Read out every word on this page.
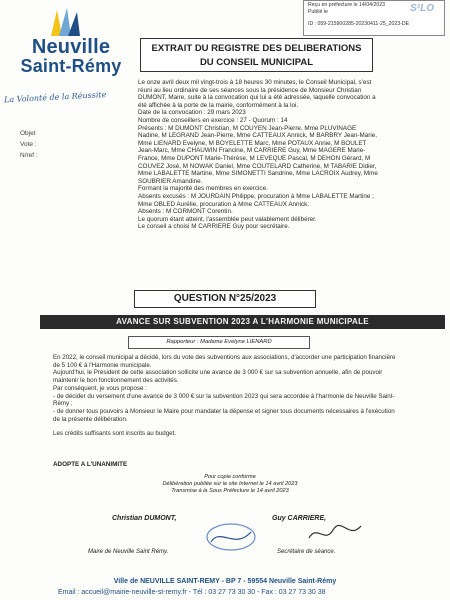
Reçu en préfecture le 14/04/2023
Publié le
ID : 059-215900285-20230411-25_2023-DE
S²LO
Neuville
Saint-Rémy
La Volonté de la Réussite
Objet
Vote :
N/ref :
EXTRAIT DU REGISTRE DES DELIBERATIONS
DU CONSEIL MUNICIPAL

Le onze avril deux mil vingt-trois à 18 heures 30 minutes, le Conseil Municipal, s'est réuni au lieu ordinaire de ses séances sous la présidence de Monsieur Christian DUMONT, Maire, suite à la convocation qui lui a été adressée, laquelle convocation a été affichée à la porte de la mairie, conformément à la loi.

Date de la convocation : 29 mars 2023

Nombre de conseillers en exercice : 27 - Quorum : 14

Présents : M DUMONT Christian, M COUYEN Jean-Pierre, Mme PLUVINAGE Nadine, M LEGRAND Jean-Pierre, Mme CATTEAUX Annick, M BARBRY Jean-Marie, Mme LIENARD Evelyne, M BOYELETTE Marc, Mme POTAUX Annie, M BOULET Jean-Marc, Mme CHAUWIN Francine, M CARRIERE Guy, Mme MAGERE Marie-France, Mme DUPONT Marie-Thérèse, M LEVEQUE Pascal, M DEHON Gérard, M COUVEZ José, M NOWAK Daniel, Mme COUTELARD Catherine, M TABARIE Didier, Mme LABALETTE Martine, Mme SIMONETTI Sandrine, Mme LACROIX Audrey, Mme SOUBRIER Amandine.

Formant la majorité des membres en exercice.

Absents excusés : M JOURDAIN Philippe, procuration à Mme LABALETTE Martine ; Mme OBLED Aurélie, procuration à Mme CATTEAUX Annick.

Absents : M CORMONT Corentin.

Le quorum étant atteint, l'assemblée peut valablement délibérer.

Le conseil a choisi M CARRIERE Guy pour secrétaire.

QUESTION N°25/2023
AVANCE SUR SUBVENTION 2023 A L'HARMONIE MUNICIPALE
Rapporteur : Madame Evelyne LIENARD

En 2022, le conseil municipal a décidé, lors du vote des subventions aux associations, d'accorder une participation financière de 5 100 € à l'Harmonie municipale.

Aujourd'hui, le Président de cette association sollicite une avance de 3 000 € sur sa subvention annuelle, afin de pouvoir maintenir le bon fonctionnement des activités.

Par conséquent, je vous propose :

- de décider du versement d'une avance de 3 000 € sur la subvention 2023 qui sera accordée à l'harmonie de Neuville Saint-Rémy ;

- de donner tous pouvoirs à Monsieur le Maire pour mandater la dépense et signer tous documents nécessaires à l'exécution de la présente délibération.

Les crédits suffisants sont inscrits au budget.

ADOPTE A L'UNANIMITE
Pour copie conforme
Délibération publiée sur le site Internet le 14 avril 2023
Transmise à la Sous Préfecture le 14 avril 2023
Christian DUMONT,	Guy CARRIERE,
Maire de Neuville Saint Rémy.	Secrétaire de séance.
Ville de NEUVILLE SAINT-REMY - BP 7 - 59554 Neuville Saint-Rémy
Email : accueil@mairie-neuville-st-remy.fr - Tél : 03 27 73 30 30 - Fax : 03 27 73 30 38
